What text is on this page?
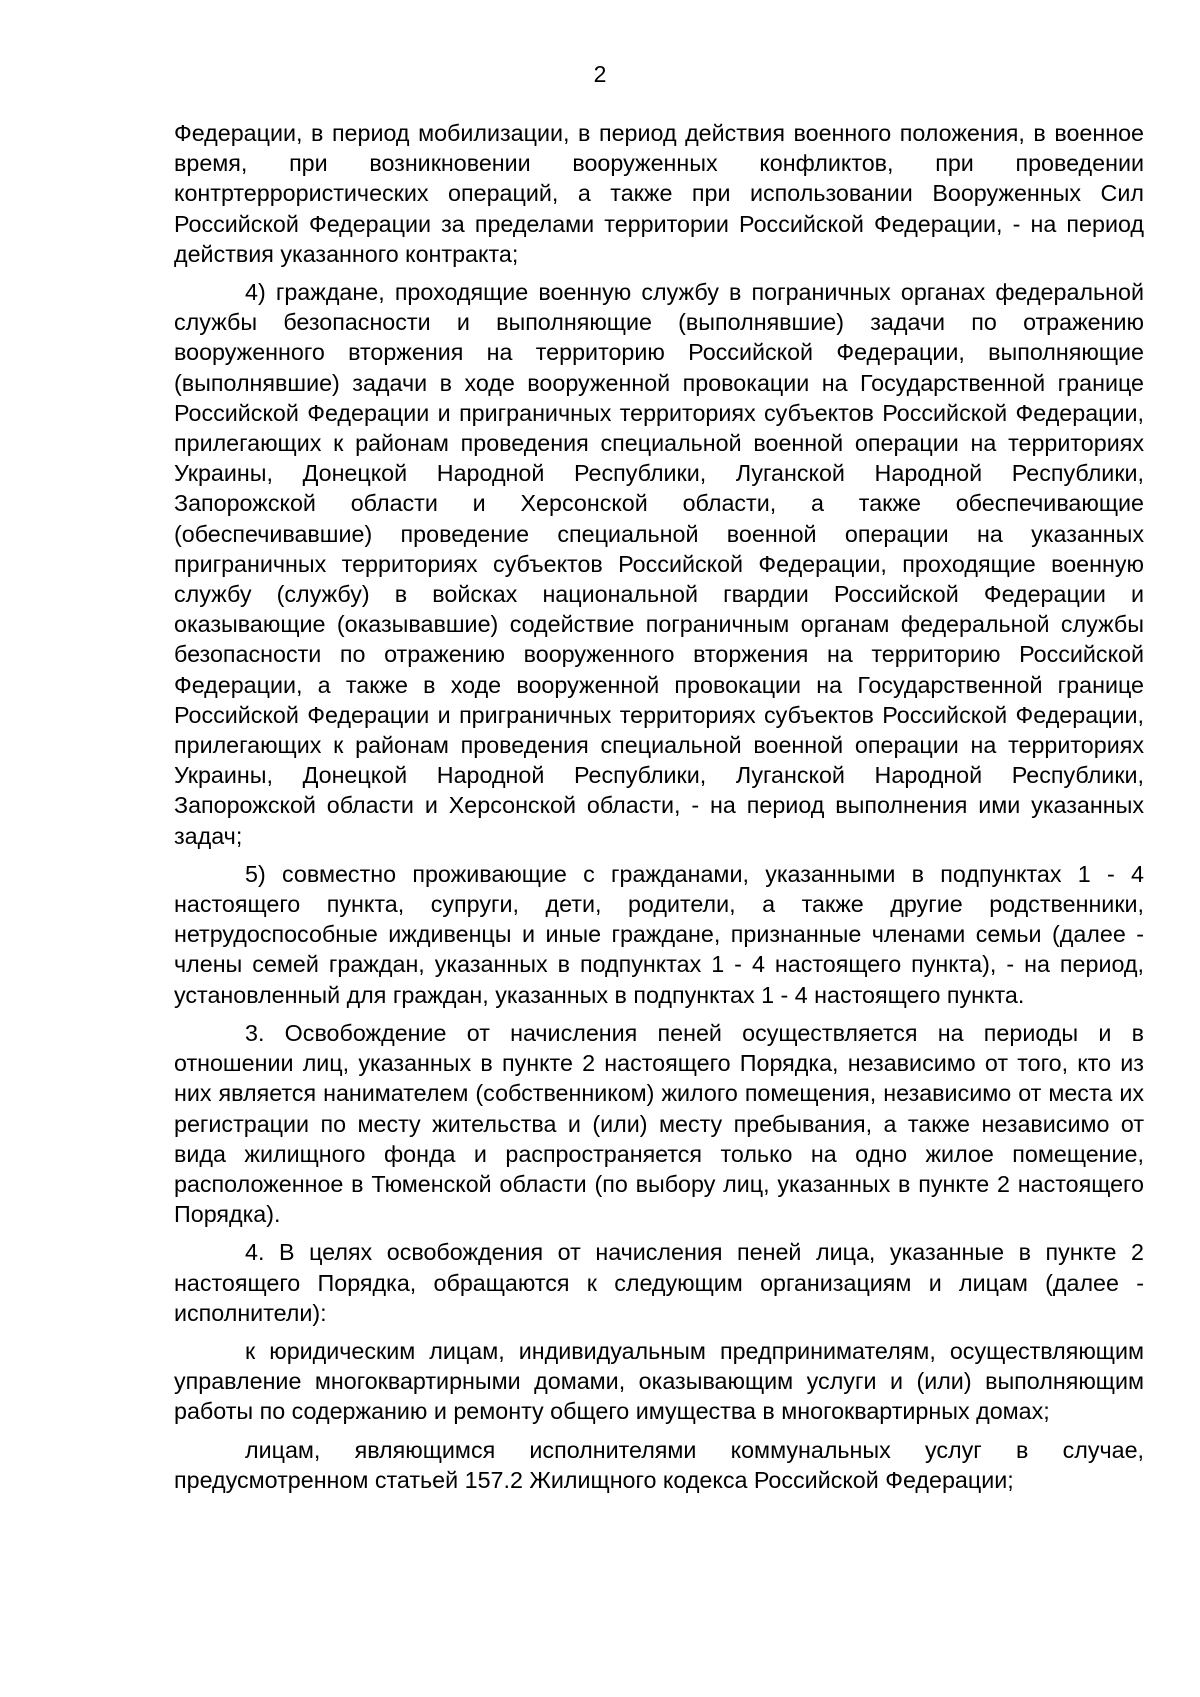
2

Федерации, в период мобилизации, в период действия военного положения, в военное время, при возникновении вооруженных конфликтов, при проведении контртеррористических операций, а также при использовании Вооруженных Сил Российской Федерации за пределами территории Российской Федерации, - на период действия указанного контракта;

4) граждане, проходящие военную службу в пограничных органах федеральной службы безопасности и выполняющие (выполнявшие) задачи по отражению вооруженного вторжения на территорию Российской Федерации, выполняющие (выполнявшие) задачи в ходе вооруженной провокации на Государственной границе Российской Федерации и приграничных территориях субъектов Российской Федерации, прилегающих к районам проведения специальной военной операции на территориях Украины, Донецкой Народной Республики, Луганской Народной Республики, Запорожской области и Херсонской области, а также обеспечивающие (обеспечивавшие) проведение специальной военной операции на указанных приграничных территориях субъектов Российской Федерации, проходящие военную службу (службу) в войсках национальной гвардии Российской Федерации и оказывающие (оказывавшие) содействие пограничным органам федеральной службы безопасности по отражению вооруженного вторжения на территорию Российской Федерации, а также в ходе вооруженной провокации на Государственной границе Российской Федерации и приграничных территориях субъектов Российской Федерации, прилегающих к районам проведения специальной военной операции на территориях Украины, Донецкой Народной Республики, Луганской Народной Республики, Запорожской области и Херсонской области, - на период выполнения ими указанных задач;

5) совместно проживающие с гражданами, указанными в подпунктах 1 - 4 настоящего пункта, супруги, дети, родители, а также другие родственники, нетрудоспособные иждивенцы и иные граждане, признанные членами семьи (далее - члены семей граждан, указанных в подпунктах 1 - 4 настоящего пункта), - на период, установленный для граждан, указанных в подпунктах 1 - 4 настоящего пункта.

3. Освобождение от начисления пеней осуществляется на периоды и в отношении лиц, указанных в пункте 2 настоящего Порядка, независимо от того, кто из них является нанимателем (собственником) жилого помещения, независимо от места их регистрации по месту жительства и (или) месту пребывания, а также независимо от вида жилищного фонда и распространяется только на одно жилое помещение, расположенное в Тюменской области (по выбору лиц, указанных в пункте 2 настоящего Порядка).

4. В целях освобождения от начисления пеней лица, указанные в пункте 2 настоящего Порядка, обращаются к следующим организациям и лицам (далее - исполнители):

к юридическим лицам, индивидуальным предпринимателям, осуществляющим управление многоквартирными домами, оказывающим услуги и (или) выполняющим работы по содержанию и ремонту общего имущества в многоквартирных домах;

лицам, являющимся исполнителями коммунальных услуг в случае, предусмотренном статьей 157.2 Жилищного кодекса Российской Федерации;
